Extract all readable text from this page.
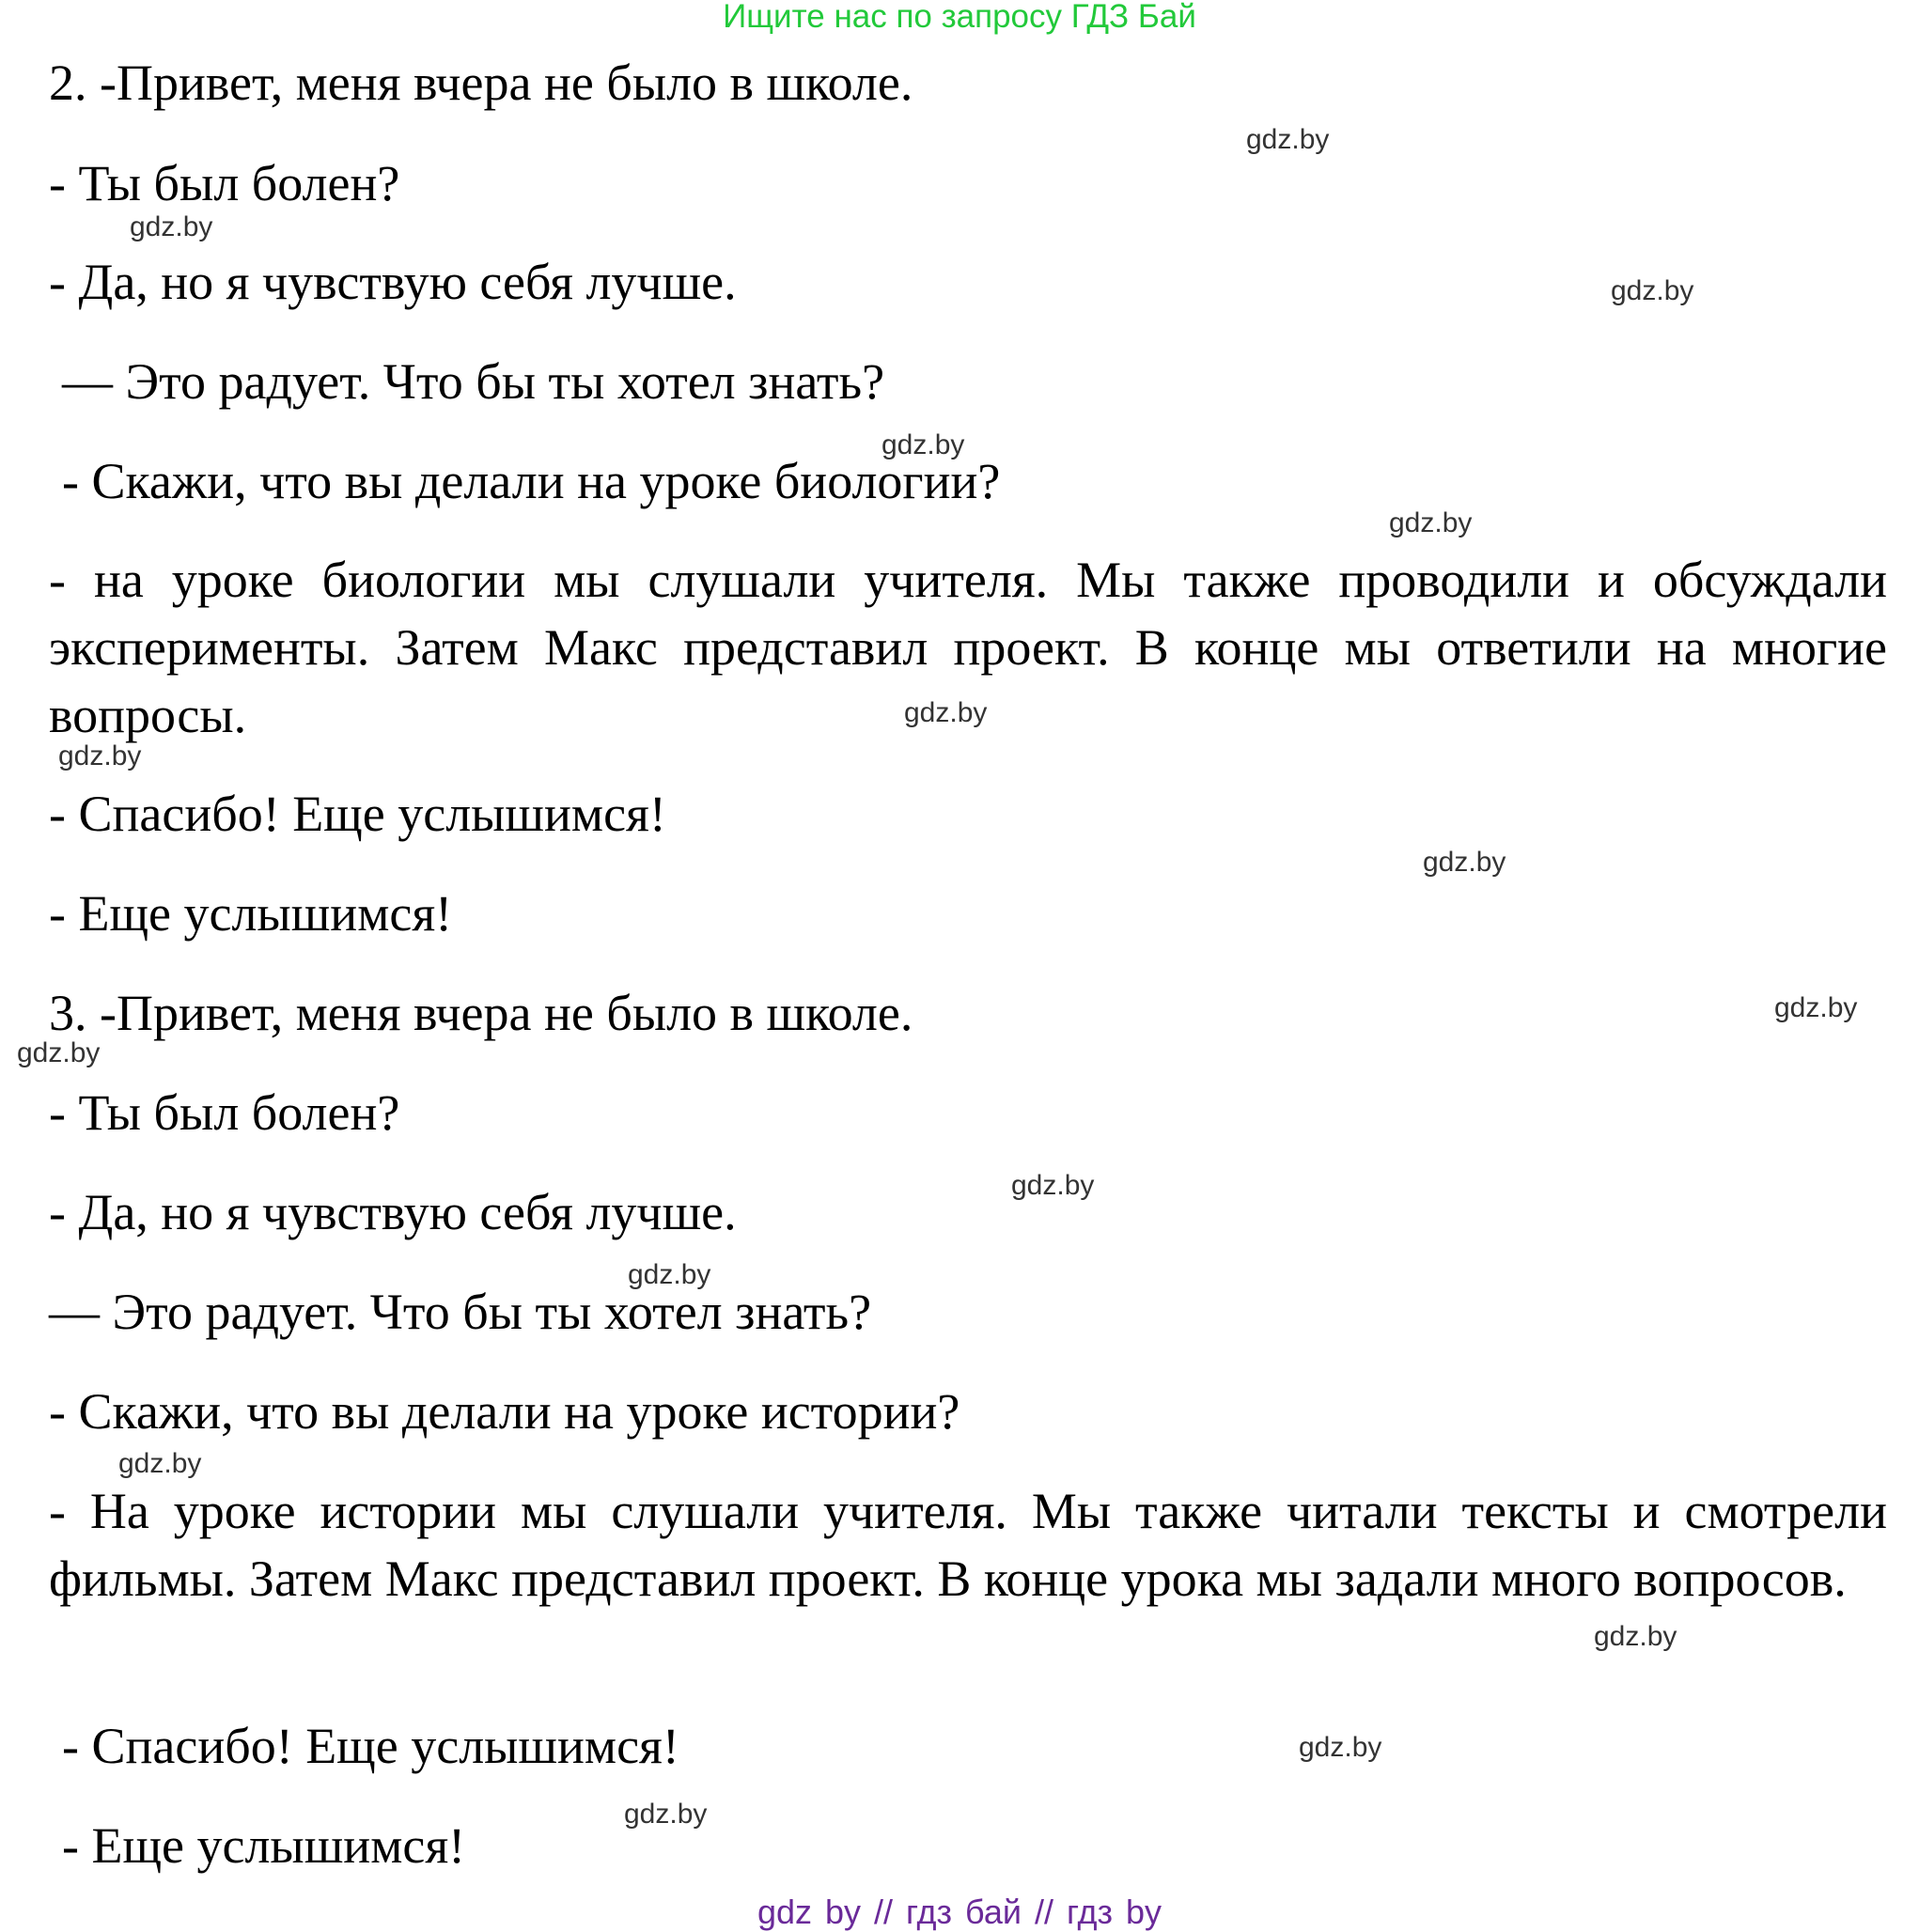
Ищите нас по запросу ГДЗ Бай
2. -Привет, меня вчера не было в школе.
- Ты был болен?
- Да, но я чувствую себя лучше.
— Это радует. Что бы ты хотел знать?
- Скажи, что вы делали на уроке биологии?

- на уроке биологии мы слушали учителя. Мы также проводили и обсуждали эксперименты. Затем Макс представил проект. В конце мы ответили на многие вопросы.

- Спасибо! Еще услышимся!
- Еще услышимся!
3. -Привет, меня вчера не было в школе.
- Ты был болен?
- Да, но я чувствую себя лучше.
— Это радует. Что бы ты хотел знать?
- Скажи, что вы делали на уроке истории?

- На уроке истории мы слушали учителя. Мы также читали тексты и смотрели фильмы. Затем Макс представил проект. В конце урока мы задали много вопросов.

- Спасибо! Еще услышимся!
- Еще услышимся!
gdz.by
gdz.by
gdz.by
gdz.by
gdz.by
gdz.by
gdz.by
gdz.by
gdz.by
gdz.by
gdz.by
gdz.by
gdz.by
gdz.by
gdz.by
gdz.by
gdz by // гдз бай // гдз by
